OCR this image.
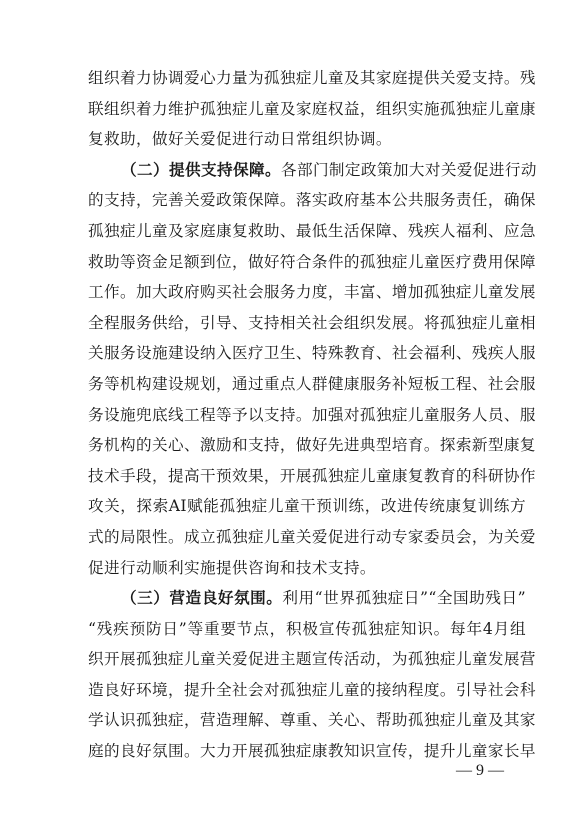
组织着力协调爱心力量为孤独症儿童及其家庭提供关爱支持。残
联组织着力维护孤独症儿童及家庭权益，组织实施孤独症儿童康
复救助，做好关爱促进行动日常组织协调。
（二）提供支持保障。各部门制定政策加大对关爱促进行动
的支持，完善关爱政策保障。落实政府基本公共服务责任，确保
孤独症儿童及家庭康复救助、最低生活保障、残疾人福利、应急
救助等资金足额到位，做好符合条件的孤独症儿童医疗费用保障
工作。加大政府购买社会服务力度，丰富、增加孤独症儿童发展
全程服务供给，引导、支持相关社会组织发展。将孤独症儿童相
关服务设施建设纳入医疗卫生、特殊教育、社会福利、残疾人服
务等机构建设规划，通过重点人群健康服务补短板工程、社会服
务设施兜底线工程等予以支持。加强对孤独症儿童服务人员、服
务机构的关心、激励和支持，做好先进典型培育。探索新型康复
技术手段，提高干预效果，开展孤独症儿童康复教育的科研协作
攻关，探索AI赋能孤独症儿童干预训练，改进传统康复训练方
式的局限性。成立孤独症儿童关爱促进行动专家委员会，为关爱
促进行动顺利实施提供咨询和技术支持。
（三）营造良好氛围。利用“世界孤独症日”“全国助残日”
“残疾预防日”等重要节点，积极宣传孤独症知识。每年4月组
织开展孤独症儿童关爱促进主题宣传活动，为孤独症儿童发展营
造良好环境，提升全社会对孤独症儿童的接纳程度。引导社会科
学认识孤独症，营造理解、尊重、关心、帮助孤独症儿童及其家
庭的良好氛围。大力开展孤独症康教知识宣传，提升儿童家长早
— 9 —
